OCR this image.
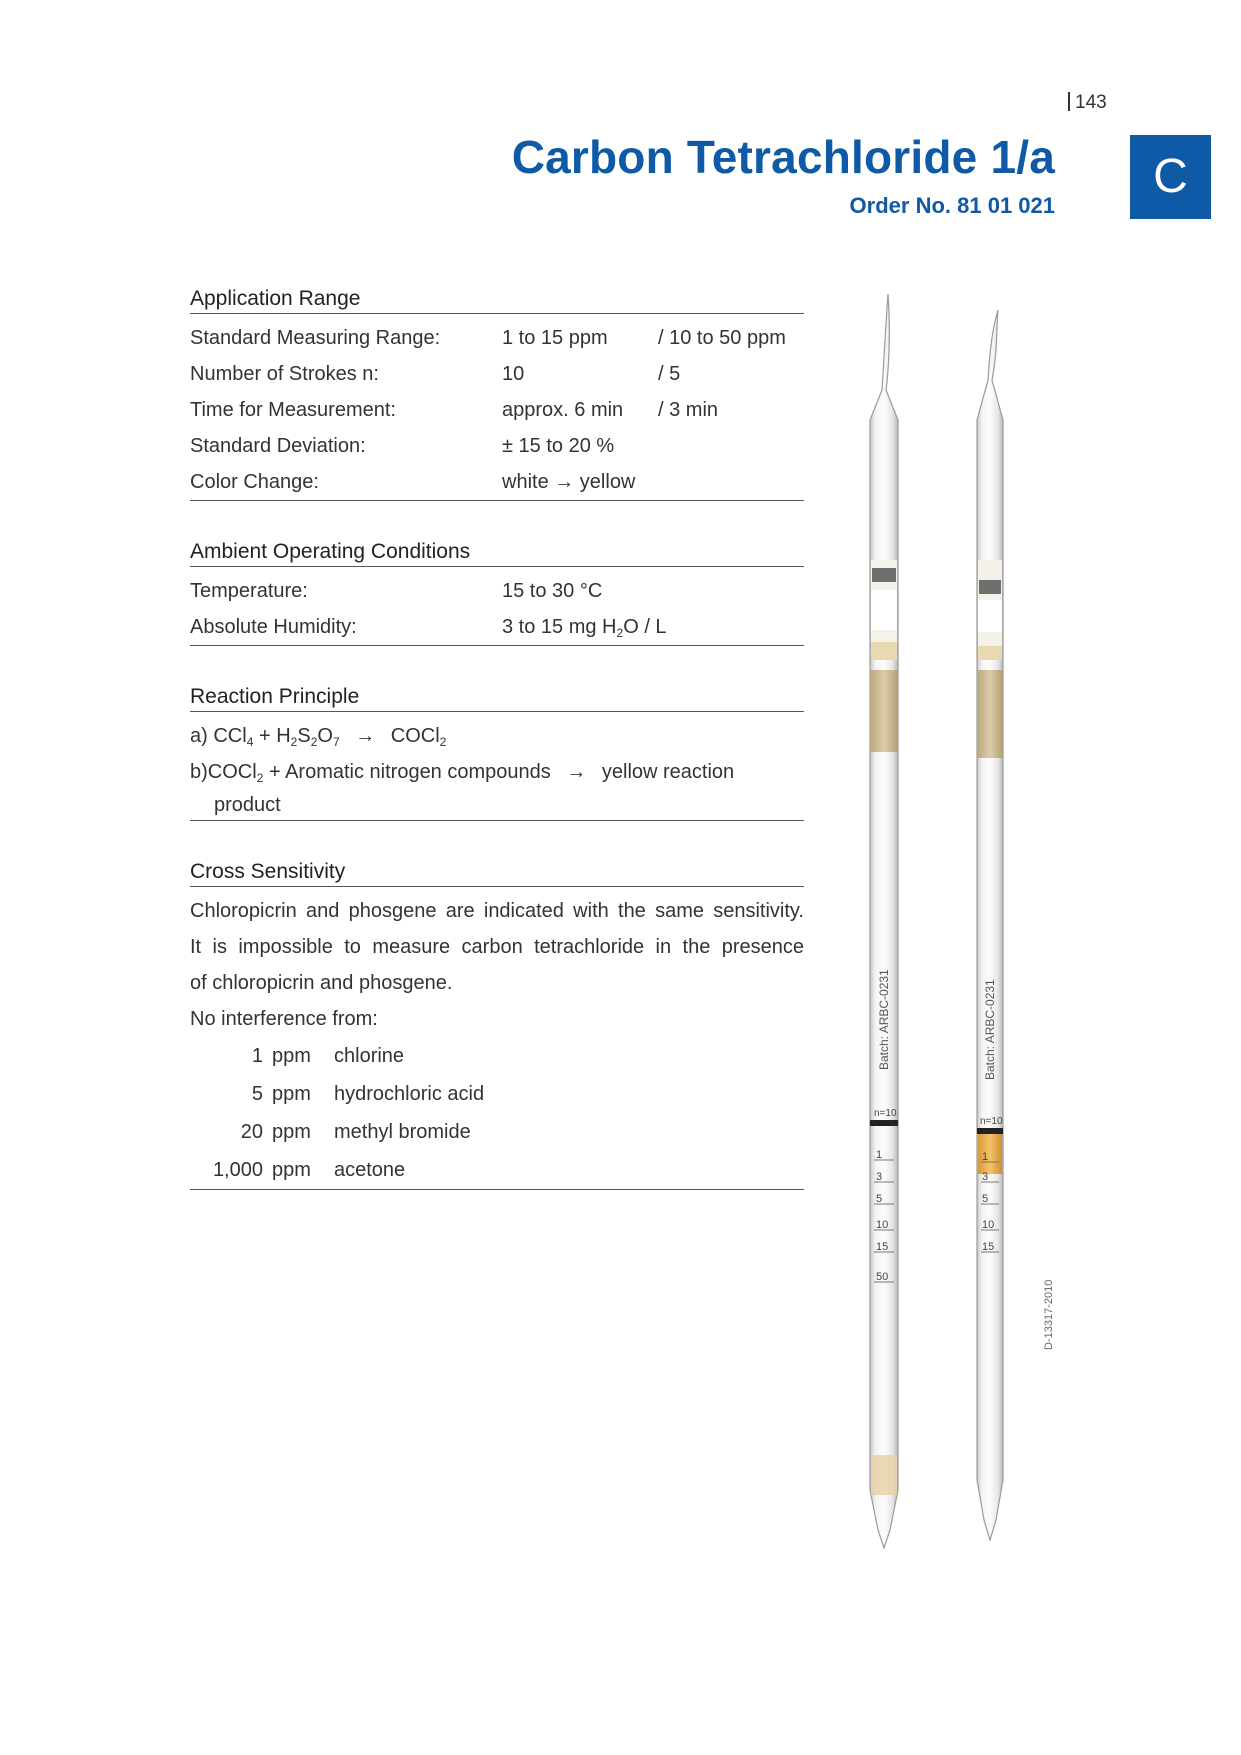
143
Carbon Tetrachloride 1/a
Order No. 81 01 021
C
Application Range
Standard Measuring Range:	1 to 15 ppm	/ 10 to 50 ppm
Number of Strokes n:	10	/ 5
Time for Measurement:	approx. 6 min	/ 3 min
Standard Deviation:	± 15 to 20 %	
Color Change:	white → yellow	
Ambient Operating Conditions
Temperature:	15 to 30 °C
Absolute Humidity:	3 to 15 mg $H_2O$ / L
Reaction Principle
a) $CCl_4 + H_2S_2O_7$ → COCl$_2$
b)COCl$_2$ + Aromatic nitrogen compounds → yellow reaction
product
Cross Sensitivity
Chloropicrin and phosgene are indicated with the same sensitivity.
It is impossible to measure carbon tetrachloride in the presence
of chloropicrin and phosgene.
No interference from:
1	ppm	chlorine
5	ppm	hydrochloric acid
20	ppm	methyl bromide
1,000	ppm	acetone
1
3
5
10
15
50
Batch: ARBC-0231
n=10
1
3
5
10
15
Batch: ARBC-0231
n=10
D-13317-2010
